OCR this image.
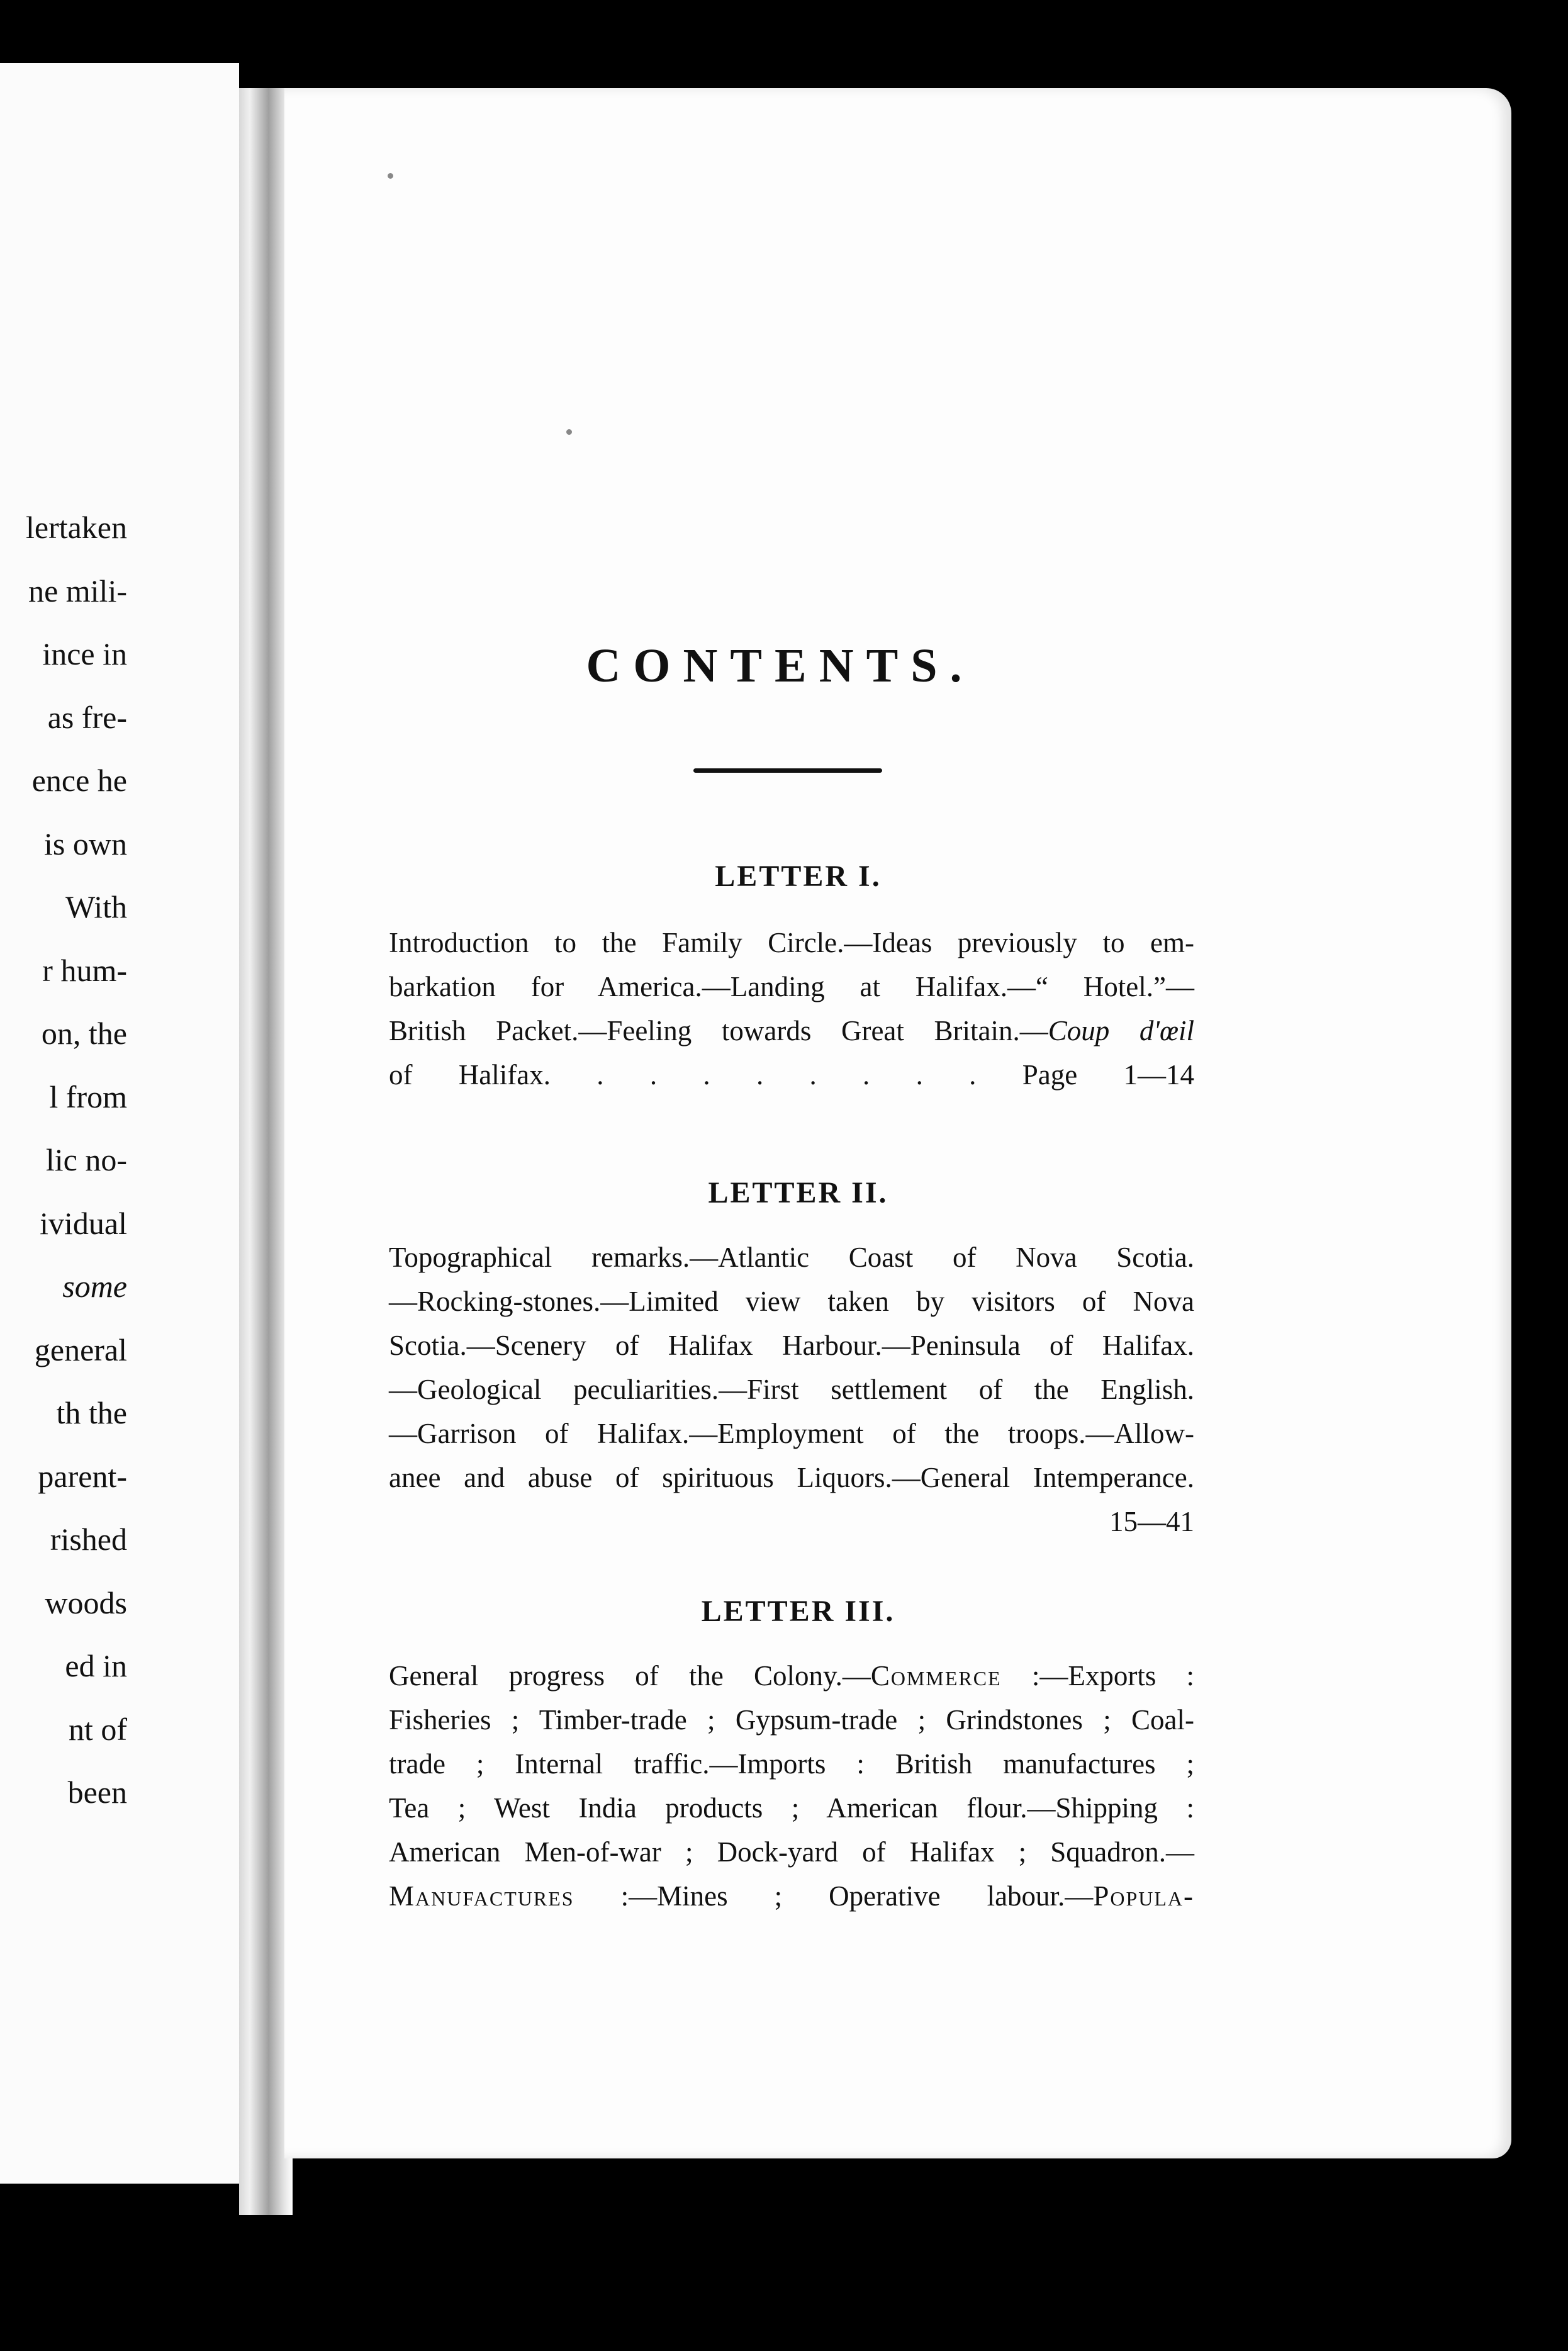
lertaken
ne mili-
ince in
as fre-
ence he
is own
With
r hum-
on, the
l from
lic no-
ividual
some
general
th the
parent-
rished
woods
ed in
nt of
been
CONTENTS.
LETTER I.
Introduction to the Family Circle.—Ideas previously to em-
barkation for America.—Landing at Halifax.—“ Hotel.”—
British Packet.—Feeling towards Great Britain.—Coup d'œil
of Halifax. . . . . . . . . Page 1—14
LETTER II.
Topographical remarks.—Atlantic Coast of Nova Scotia.
—Rocking-stones.—Limited view taken by visitors of Nova
Scotia.—Scenery of Halifax Harbour.—Peninsula of Halifax.
—Geological peculiarities.—First settlement of the English.
—Garrison of Halifax.—Employment of the troops.—Allow-
anee and abuse of spirituous Liquors.—General Intemperance.
15—41
LETTER III.
General progress of the Colony.—Commerce :—Exports :
Fisheries ; Timber-trade ; Gypsum-trade ; Grindstones ; Coal-
trade ; Internal traffic.—Imports : British manufactures ;
Tea ; West India products ; American flour.—Shipping :
American Men-of-war ; Dock-yard of Halifax ; Squadron.—
Manufactures :—Mines ; Operative labour.—Popula-
